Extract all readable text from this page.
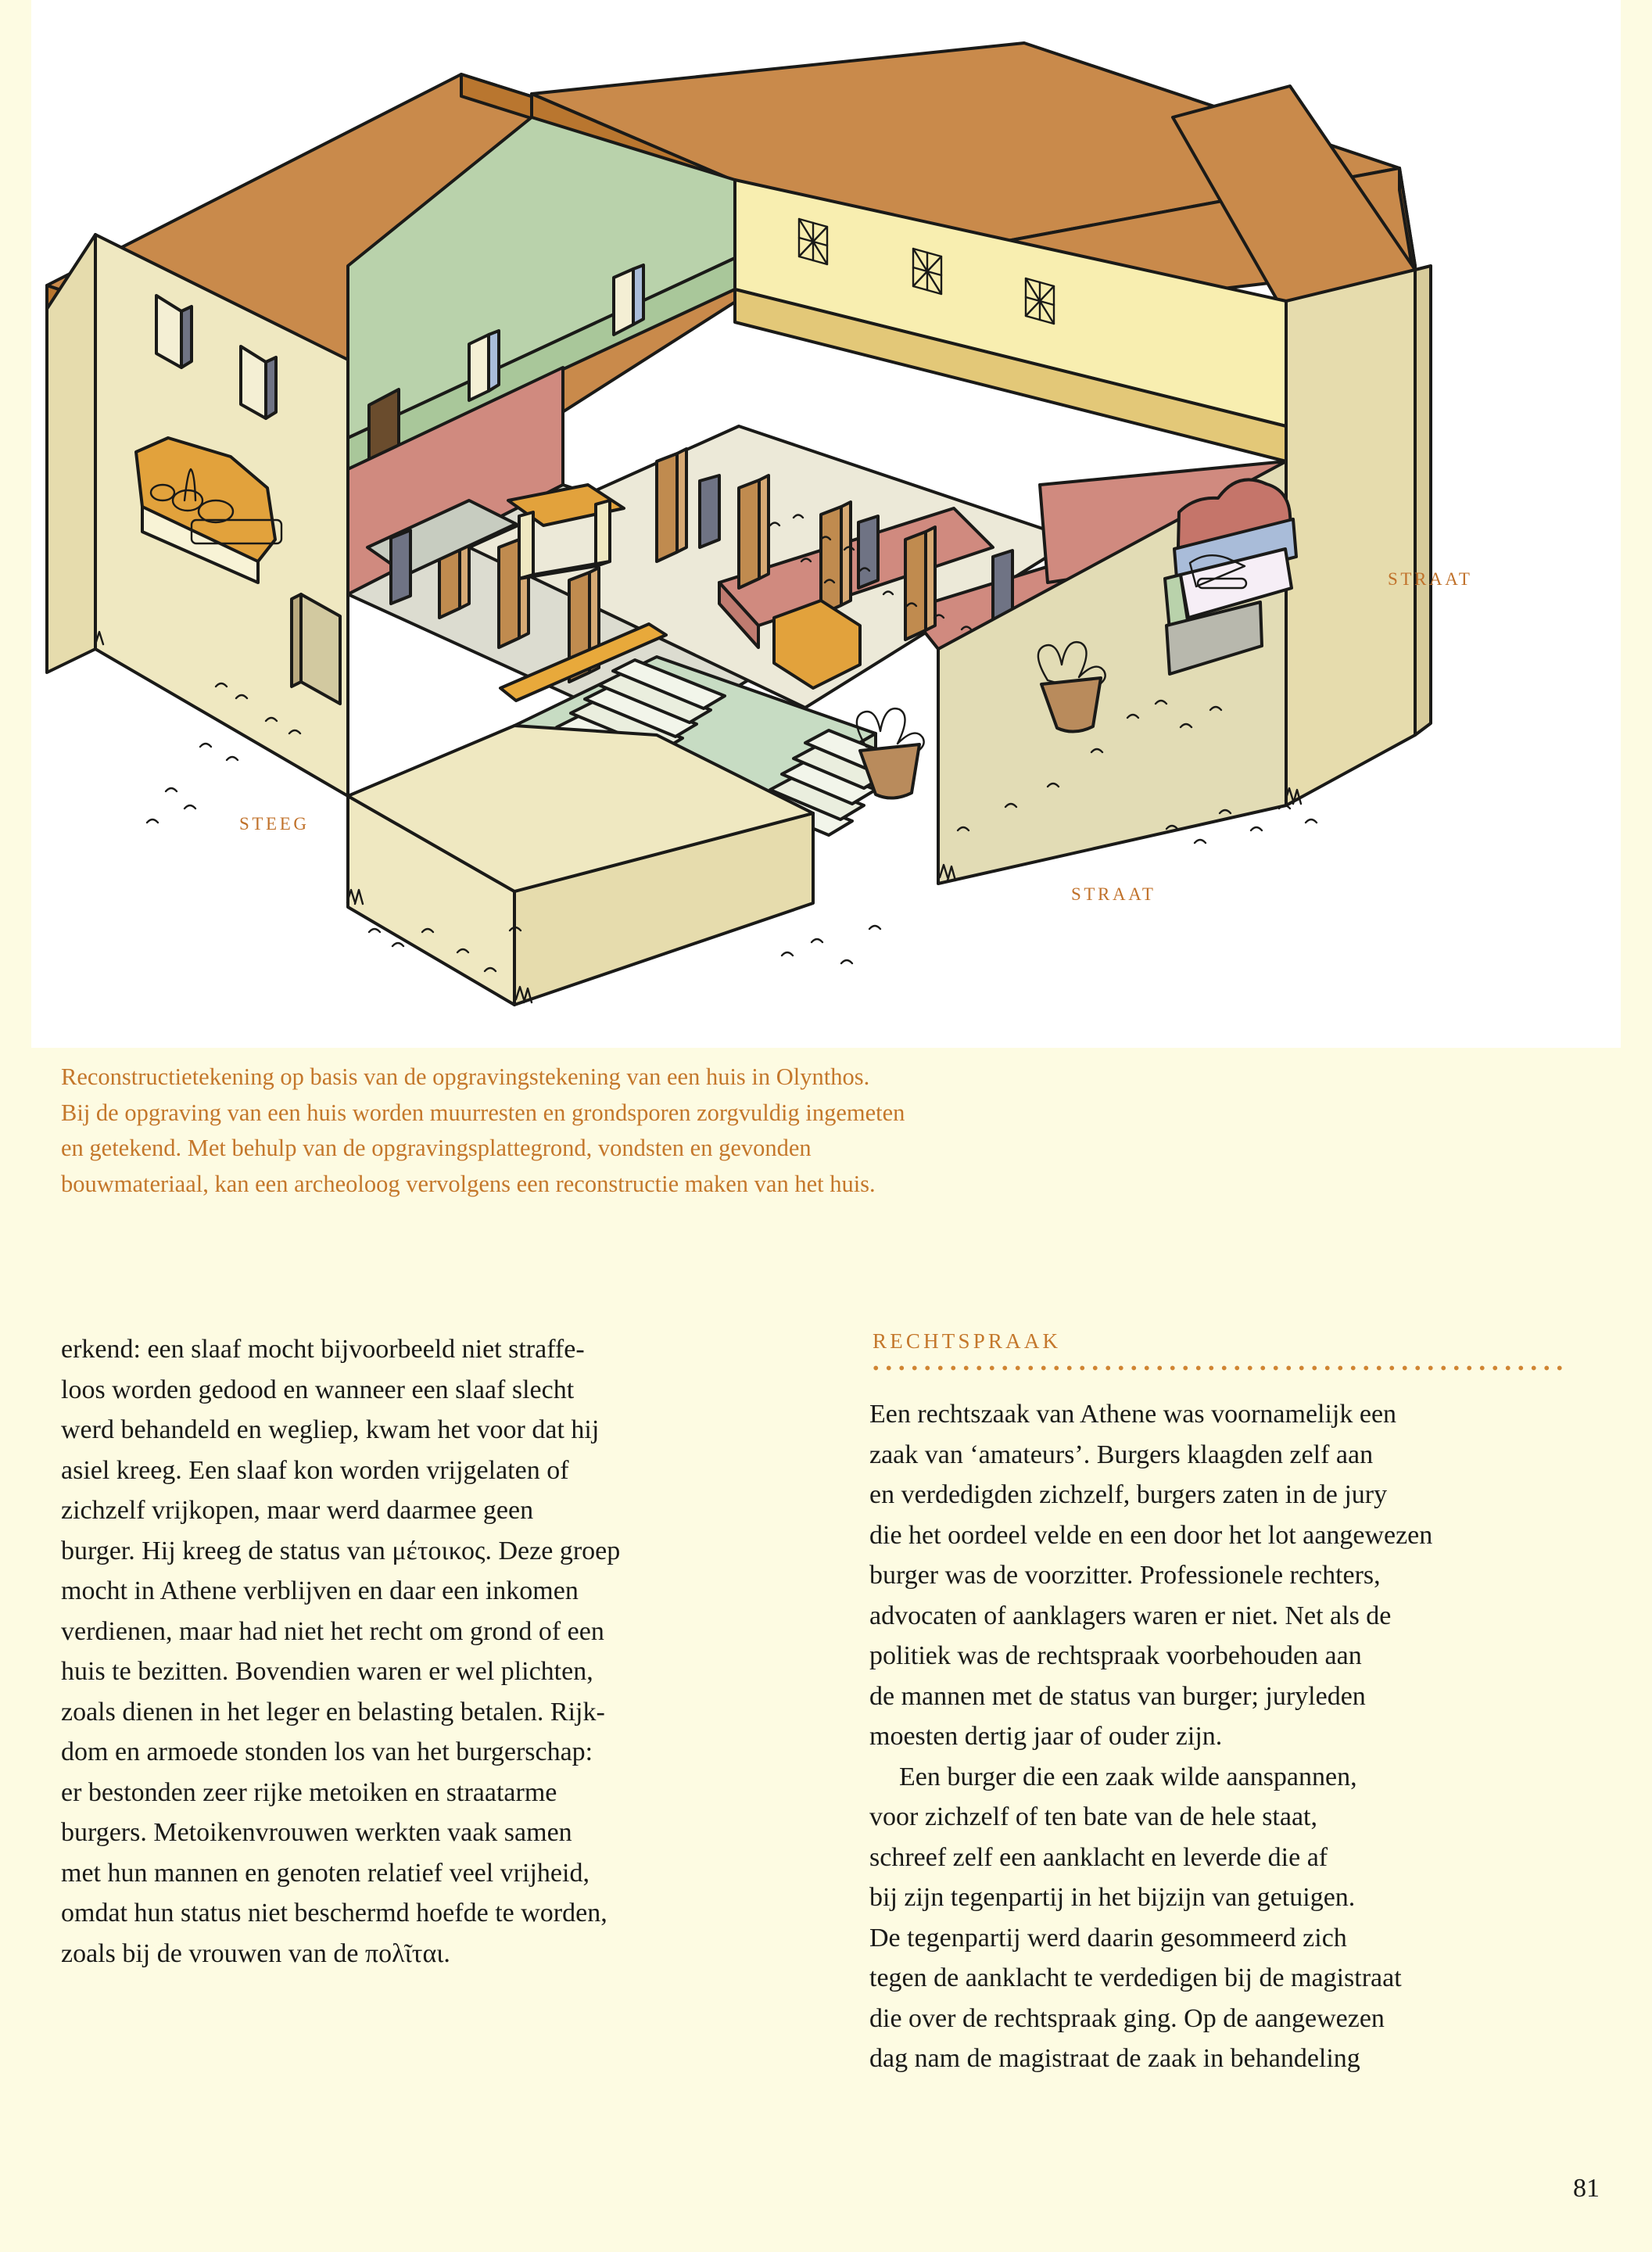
STRAAT
STRAAT
STEEG
Reconstructietekening op basis van de opgravingstekening van een huis in Olynthos.
Bij de opgraving van een huis worden muurresten en grondsporen zorgvuldig ingemeten
en getekend. Met behulp van de opgravingsplattegrond, vondsten en gevonden
bouwmateriaal, kan een archeoloog vervolgens een reconstructie maken van het huis.

erkend: een slaaf mocht bijvoorbeeld niet straffe-
loos worden gedood en wanneer een slaaf slecht
werd behandeld en wegliep, kwam het voor dat hij
asiel kreeg. Een slaaf kon worden vrijgelaten of
zichzelf vrijkopen, maar werd daarmee geen
burger. Hij kreeg de status van μέτοικος. Deze groep
mocht in Athene verblijven en daar een inkomen
verdienen, maar had niet het recht om grond of een
huis te bezitten. Bovendien waren er wel plichten,
zoals dienen in het leger en belasting betalen. Rijk-
dom en armoede stonden los van het burgerschap:
er bestonden zeer rijke metoiken en straatarme
burgers. Metoikenvrouwen werkten vaak samen
met hun mannen en genoten relatief veel vrijheid,
omdat hun status niet beschermd hoefde te worden,
zoals bij de vrouwen van de πολῖται.

RECHTSPRAAK

Een rechtszaak van Athene was voornamelijk een
zaak van ‘amateurs’. Burgers klaagden zelf aan
en verdedigden zichzelf, burgers zaten in de jury
die het oordeel velde en een door het lot aangewezen
burger was de voorzitter. Professionele rechters,
advocaten of aanklagers waren er niet. Net als de
politiek was de rechtspraak voorbehouden aan
de mannen met de status van burger; juryleden
moesten dertig jaar of ouder zijn.
Een burger die een zaak wilde aanspannen,
voor zichzelf of ten bate van de hele staat,
schreef zelf een aanklacht en leverde die af
bij zijn tegenpartij in het bijzijn van getuigen.
De tegenpartij werd daarin gesommeerd zich
tegen de aanklacht te verdedigen bij de magistraat
die over de rechtspraak ging. Op de aangewezen
dag nam de magistraat de zaak in behandeling

81
